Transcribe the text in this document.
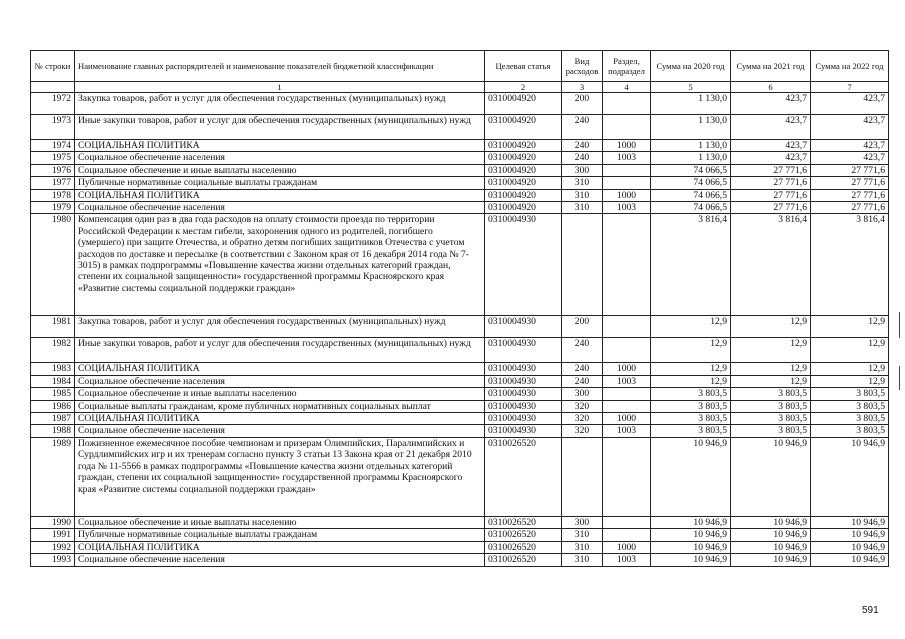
№ строки	Наименование главных распорядителей и наименование показателей бюджетной классификации	Целевая статья	Вид расходов	Раздел, подраздел	Сумма на 2020 год	Сумма на 2021 год	Сумма на 2022 год
	1	2	3	4	5	6	7
1972	Закупка товаров, работ и услуг для обеспечения государственных (муниципальных) нужд	0310004920	200		1 130,0	423,7	423,7
1973	Иные закупки товаров, работ и услуг для обеспечения государственных (муниципальных) нужд	0310004920	240		1 130,0	423,7	423,7
1974	СОЦИАЛЬНАЯ ПОЛИТИКА	0310004920	240	1000	1 130,0	423,7	423,7
1975	Социальное обеспечение населения	0310004920	240	1003	1 130,0	423,7	423,7
1976	Социальное обеспечение и иные выплаты населению	0310004920	300		74 066,5	27 771,6	27 771,6
1977	Публичные нормативные социальные выплаты гражданам	0310004920	310		74 066,5	27 771,6	27 771,6
1978	СОЦИАЛЬНАЯ ПОЛИТИКА	0310004920	310	1000	74 066,5	27 771,6	27 771,6
1979	Социальное обеспечение населения	0310004920	310	1003	74 066,5	27 771,6	27 771,6
1980	Компенсация один раз в два года расходов на оплату стоимости проезда по территории Российской Федерации к местам гибели, захоронения одного из родителей, погибшего (умершего) при защите Отечества, и обратно детям погибших защитников Отечества с учетом расходов по доставке и пересылке (в соответствии с Законом края от 16 декабря 2014 года № 7-3015) в рамках подпрограммы «Повышение качества жизни отдельных категорий граждан, степени их социальной защищенности» государственной программы Красноярского края «Развитие системы социальной поддержки граждан»	0310004930			3 816,4	3 816,4	3 816,4
1981	Закупка товаров, работ и услуг для обеспечения государственных (муниципальных) нужд	0310004930	200		12,9	12,9	12,9
1982	Иные закупки товаров, работ и услуг для обеспечения государственных (муниципальных) нужд	0310004930	240		12,9	12,9	12,9
1983	СОЦИАЛЬНАЯ ПОЛИТИКА	0310004930	240	1000	12,9	12,9	12,9
1984	Социальное обеспечение населения	0310004930	240	1003	12,9	12,9	12,9
1985	Социальное обеспечение и иные выплаты населению	0310004930	300		3 803,5	3 803,5	3 803,5
1986	Социальные выплаты гражданам, кроме публичных нормативных социальных выплат	0310004930	320		3 803,5	3 803,5	3 803,5
1987	СОЦИАЛЬНАЯ ПОЛИТИКА	0310004930	320	1000	3 803,5	3 803,5	3 803,5
1988	Социальное обеспечение населения	0310004930	320	1003	3 803,5	3 803,5	3 803,5
1989	Пожизненное ежемесячное пособие чемпионам и призерам Олимпийских, Паралимпийских и Сурдлимпийских игр и их тренерам согласно пункту 3 статьи 13 Закона края от 21 декабря 2010 года № 11-5566 в рамках подпрограммы «Повышение качества жизни отдельных категорий граждан, степени их социальной защищенности» государственной программы Красноярского края «Развитие системы социальной поддержки граждан»	0310026520			10 946,9	10 946,9	10 946,9
1990	Социальное обеспечение и иные выплаты населению	0310026520	300		10 946,9	10 946,9	10 946,9
1991	Публичные нормативные социальные выплаты гражданам	0310026520	310		10 946,9	10 946,9	10 946,9
1992	СОЦИАЛЬНАЯ ПОЛИТИКА	0310026520	310	1000	10 946,9	10 946,9	10 946,9
1993	Социальное обеспечение населения	0310026520	310	1003	10 946,9	10 946,9	10 946,9
591
